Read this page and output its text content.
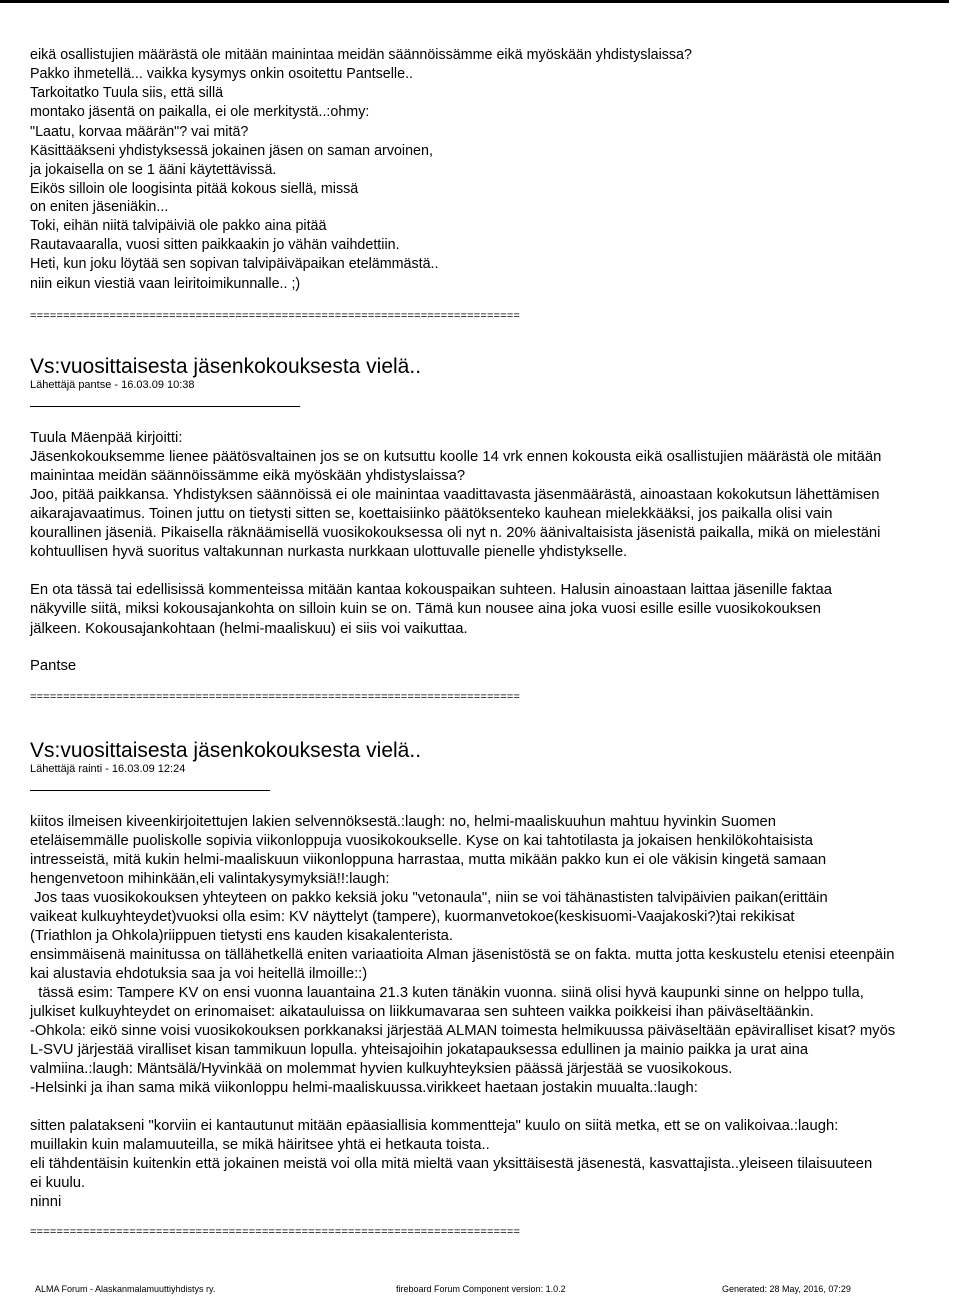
eikä osallistujien määrästä ole mitään mainintaa meidän säännöissämme eikä myöskään yhdistyslaissa?
Pakko ihmetellä... vaikka kysymys onkin osoitettu Pantselle..
Tarkoitatko Tuula siis, että sillä
montako jäsentä on paikalla, ei ole merkitystä..:ohmy:
"Laatu, korvaa määrän"? vai mitä?
Käsittääkseni yhdistyksessä jokainen jäsen on saman arvoinen,
ja jokaisella on se 1 ääni käytettävissä.
Eikös silloin ole loogisinta pitää kokous siellä, missä
on eniten jäseniäkin...
Toki, eihän niitä talvipäiviä ole pakko aina pitää
Rautavaaralla, vuosi sitten paikkaakin jo vähän vaihdettiin.
Heti, kun joku löytää sen sopivan talvipäiväpaikan etelämmästä..
niin eikun viestiä vaan leiritoimikunnalle.. ;)
==========================================================================
Vs:vuosittaisesta jäsenkokouksesta vielä..
Lähettäjä pantse - 16.03.09 10:38
Tuula Mäenpää kirjoitti:
Jäsenkokouksemme lienee päätösvaltainen jos se on kutsuttu koolle 14 vrk ennen kokousta eikä osallistujien määrästä ole mitään
mainintaa meidän säännöissämme eikä myöskään yhdistyslaissa?
Joo, pitää paikkansa. Yhdistyksen säännöissä ei ole mainintaa vaadittavasta jäsenmäärästä, ainoastaan kokokutsun lähettämisen
aikarajavaatimus. Toinen juttu on tietysti sitten se, koettaisiinko päätöksenteko kauhean mielekkääksi, jos paikalla olisi vain
kourallinen jäseniä. Pikaisella räknäämisellä vuosikokouksessa oli nyt n. 20% äänivaltaisista jäsenistä paikalla, mikä on mielestäni
kohtuullisen hyvä suoritus valtakunnan nurkasta nurkkaan ulottuvalle pienelle yhdistykselle.
En ota tässä tai edellisissä kommenteissa mitään kantaa kokouspaikan suhteen. Halusin ainoastaan laittaa jäsenille faktaa
näkyville siitä, miksi kokousajankohta on silloin kuin se on. Tämä kun nousee aina joka vuosi esille esille vuosikokouksen
jälkeen. Kokousajankohtaan (helmi-maaliskuu) ei siis voi vaikuttaa.
Pantse
==========================================================================
Vs:vuosittaisesta jäsenkokouksesta vielä..
Lähettäjä rainti - 16.03.09 12:24
kiitos ilmeisen kiveenkirjoitettujen lakien selvennöksestä.:laugh: no, helmi-maaliskuuhun mahtuu hyvinkin Suomen
eteläisemmälle puoliskolle sopivia viikonloppuja vuosikokoukselle. Kyse on kai tahtotilasta ja jokaisen henkilökohtaisista
intresseistä, mitä kukin helmi-maaliskuun viikonloppuna harrastaa, mutta mikään pakko kun ei ole väkisin kingetä samaan
hengenvetoon mihinkään,eli valintakysymyksiä!!:laugh:
Jos taas vuosikokouksen yhteyteen on pakko keksiä joku "vetonaula", niin se voi tähänastisten talvipäivien paikan(erittäin
vaikeat kulkuyhteydet)vuoksi olla esim: KV näyttelyt (tampere), kuormanvetokoe(keskisuomi-Vaajakoski?)tai rekikisat
(Triathlon ja Ohkola)riippuen tietysti ens kauden kisakalenterista.
ensimmäisenä mainitussa on tällähetkellä eniten variaatioita Alman jäsenistöstä se on fakta. mutta jotta keskustelu etenisi eteenpäin
kai alustavia ehdotuksia saa ja voi heitellä ilmoille::)
tässä esim: Tampere KV on ensi vuonna lauantaina 21.3 kuten tänäkin vuonna. siinä olisi hyvä kaupunki sinne on helppo tulla,
julkiset kulkuyhteydet on erinomaiset: aikatauluissa on liikkumavaraa sen suhteen vaikka poikkeisi ihan päiväseltäänkin.
-Ohkola: eikö sinne voisi vuosikokouksen porkkanaksi järjestää ALMAN toimesta helmikuussa päiväseltään epäviralliset kisat? myös
L-SVU järjestää viralliset kisan tammikuun lopulla. yhteisajoihin jokatapauksessa edullinen ja mainio paikka ja urat aina
valmiina.:laugh: Mäntsälä/Hyvinkää on molemmat hyvien kulkuyhteyksien päässä järjestää se vuosikokous.
-Helsinki ja ihan sama mikä viikonloppu helmi-maaliskuussa.virikkeet haetaan jostakin muualta.:laugh:
sitten palatakseni "korviin ei kantautunut mitään epäasiallisia kommentteja" kuulo on siitä metka, ett se on valikoivaa.:laugh:
muillakin kuin malamuuteilla, se mikä häiritsee yhtä ei hetkauta toista..
eli tähdentäisin kuitenkin että jokainen meistä voi olla mitä mieltä vaan yksittäisestä jäsenestä, kasvattajista..yleiseen tilaisuuteen
ei kuulu.
ninni
==========================================================================
ALMA Forum - Alaskanmalamuuttiyhdistys ry.	fireboard Forum Component version: 1.0.2	Generated: 28 May, 2016, 07:29
